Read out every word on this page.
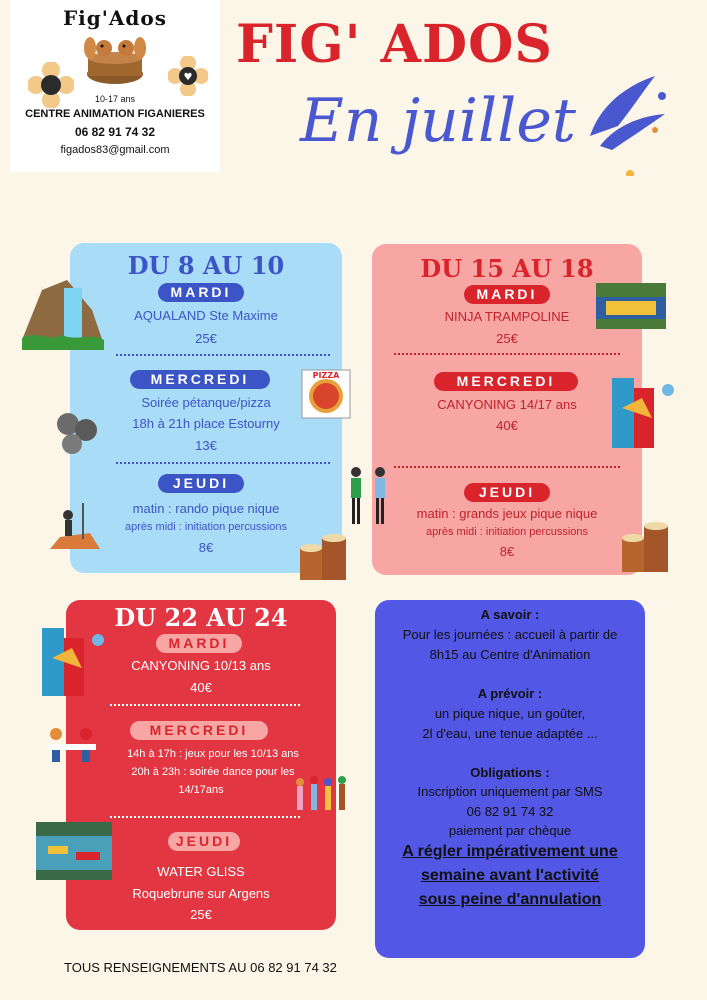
Fig'Ados
♥
10-17 ans
CENTRE ANIMATION FIGANIERES
06 82 91 74 32
figados83@gmail.com
FIG' ADOS
En juillet
DU 8 AU 10
MARDI
AQUALAND Ste Maxime
25€
MERCREDI
Soirée pétanque/pizza
18h à 21h place Estourny
13€
JEUDI
matin : rando pique nique
après midi : initiation percussions
8€
DU 15 AU 18
MARDI
NINJA TRAMPOLINE
25€
MERCREDI
CANYONING 14/17 ans
40€
JEUDI
matin : grands jeux pique nique
après midi : initiation percussions
8€
DU 22 AU 24
MARDI
CANYONING 10/13 ans
40€
MERCREDI
14h à 17h : jeux pour les 10/13 ans
20h à 23h : soirée dance pour les
14/17ans
JEUDI
WATER GLISS
Roquebrune sur Argens
25€
A savoir :
Pour les journées : accueil à partir de
8h15 au Centre d'Animation
A prévoir :
un pique nique, un goûter,
2l d'eau, une tenue adaptée ...
Obligations :
Inscription uniquement par SMS
06 82 91 74 32
paiement par chèque
A régler impérativement une
semaine avant l'activité
sous peine d'annulation
PIZZA
TOUS RENSEIGNEMENTS AU 06 82 91 74 32
